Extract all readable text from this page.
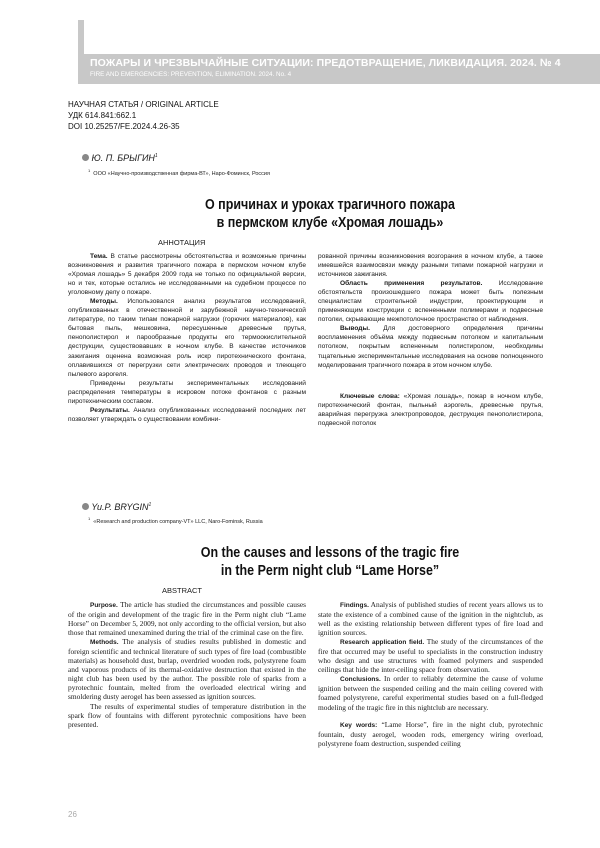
ПОЖАРЫ И ЧРЕЗВЫЧАЙНЫЕ СИТУАЦИИ: ПРЕДОТВРАЩЕНИЕ, ЛИКВИДАЦИЯ. 2024. № 4
FIRE AND EMERGENCIES: PREVENTION, ELIMINATION. 2024. No. 4
НАУЧНАЯ СТАТЬЯ / ORIGINAL ARTICLE
УДК 614.841:662.1
DOI 10.25257/FE.2024.4.26-35
Ю. П. БРЫГИН$^1$
$^1$  ООО «Научно-производственная фирма-ВТ», Наро-Фоминск, Россия
О причинах и уроках трагичного пожара
в пермском клубе «Хромая лошадь»
АННОТАЦИЯ

Тема. В статье рассмотрены обстоятельства и возможные причины возникновения и развития трагичного пожара в пермском ночном клубе «Хромая лошадь» 5 декабря 2009 года не только по официальной версии, но и тех, которые остались не исследованными на судебном процессе по уголовному делу о пожаре.

Методы. Использовался анализ результатов исследований, опубликованных в отечественной и зарубежной научно-технической литературе, по таким типам пожарной нагрузки (горючих материалов), как бытовая пыль, мешковина, пересушенные древесные прутья, пенополистирол и парообразные продукты его термоокислительной деструкции, существовавших в ночном клубе. В качестве источников зажигания оценена возможная роль искр пиротехнического фонтана, оплавившихся от перегрузки сети электрических проводов и тлеющего пылевого аэрогеля.

Приведены результаты экспериментальных исследований распределения температуры в искровом потоке фонтанов с разным пиротехническим составом.

Результаты. Анализ опубликованных исследований последних лет позволяет утверждать о существовании комбини-

рованной причины возникновения возгорания в ночном клубе, а также имевшейся взаимосвязи между разными типами пожарной нагрузки и источников зажигания.

Область применения результатов. Исследование обстоятельств произошедшего пожара может быть полезным специалистам строительной индустрии, проектирующим и применяющим конструкции с вспененными полимерами и подвесные потолки, скрывающие межпотолочное пространство от наблюдения.

Выводы. Для достоверного определения причины воспламенения объёма между подвесным потолком и капитальным потолком, покрытым вспененным полистиролом, необходимы тщательные экспериментальные исследования на основе полноценного моделирования трагичного пожара в этом ночном клубе.

Ключевые слова: «Хромая лошадь», пожар в ночном клубе, пиротехнический фонтан, пыльный аэрогель, древесные прутья, аварийная перегрузка электропроводов, деструкция пенополистирола, подвесной потолок

Yu.P. BRYGIN$^1$
$^1$  «Research and production company-VT» LLC, Naro-Fominsk, Russia
On the causes and lessons of the tragic fire
in the Perm night club “Lame Horse”
ABSTRACT

Purpose. The article has studied the circumstances and possible causes of the origin and development of the tragic fire in the Perm night club “Lame Horse” on December 5, 2009, not only according to the official version, but also those that remained unexamined during the trial of the criminal case on the fire.

Methods. The analysis of studies results published in domestic and foreign scientific and technical literature of such types of fire load (combustible materials) as household dust, burlap, overdried wooden rods, polystyrene foam and vaporous products of its thermal-oxidative destruction that existed in the night club has been used by the author. The possible role of sparks from a pyrotechnic fountain, melted from the overloaded electrical wiring and smoldering dusty aerogel has been assessed as ignition sources.

The results of experimental studies of temperature distribution in the spark flow of fountains with different pyrotechnic compositions have been presented.

Findings. Analysis of published studies of recent years allows us to state the existence of a combined cause of the ignition in the nightclub, as well as the existing relationship between different types of fire load and ignition sources.

Research application field. The study of the circumstances of the fire that occurred may be useful to specialists in the construction industry who design and use structures with foamed polymers and suspended ceilings that hide the inter-ceiling space from observation.

Conclusions. In order to reliably determine the cause of volume ignition between the suspended ceiling and the main ceiling covered with foamed polystyrene, careful experimental studies based on a full-fledged modeling of the tragic fire in this nightclub are necessary.

Key words: “Lame Horse”, fire in the night club, pyrotechnic fountain, dusty aerogel, wooden rods, emergency wiring overload, polystyrene foam destruction, suspended ceiling

26
